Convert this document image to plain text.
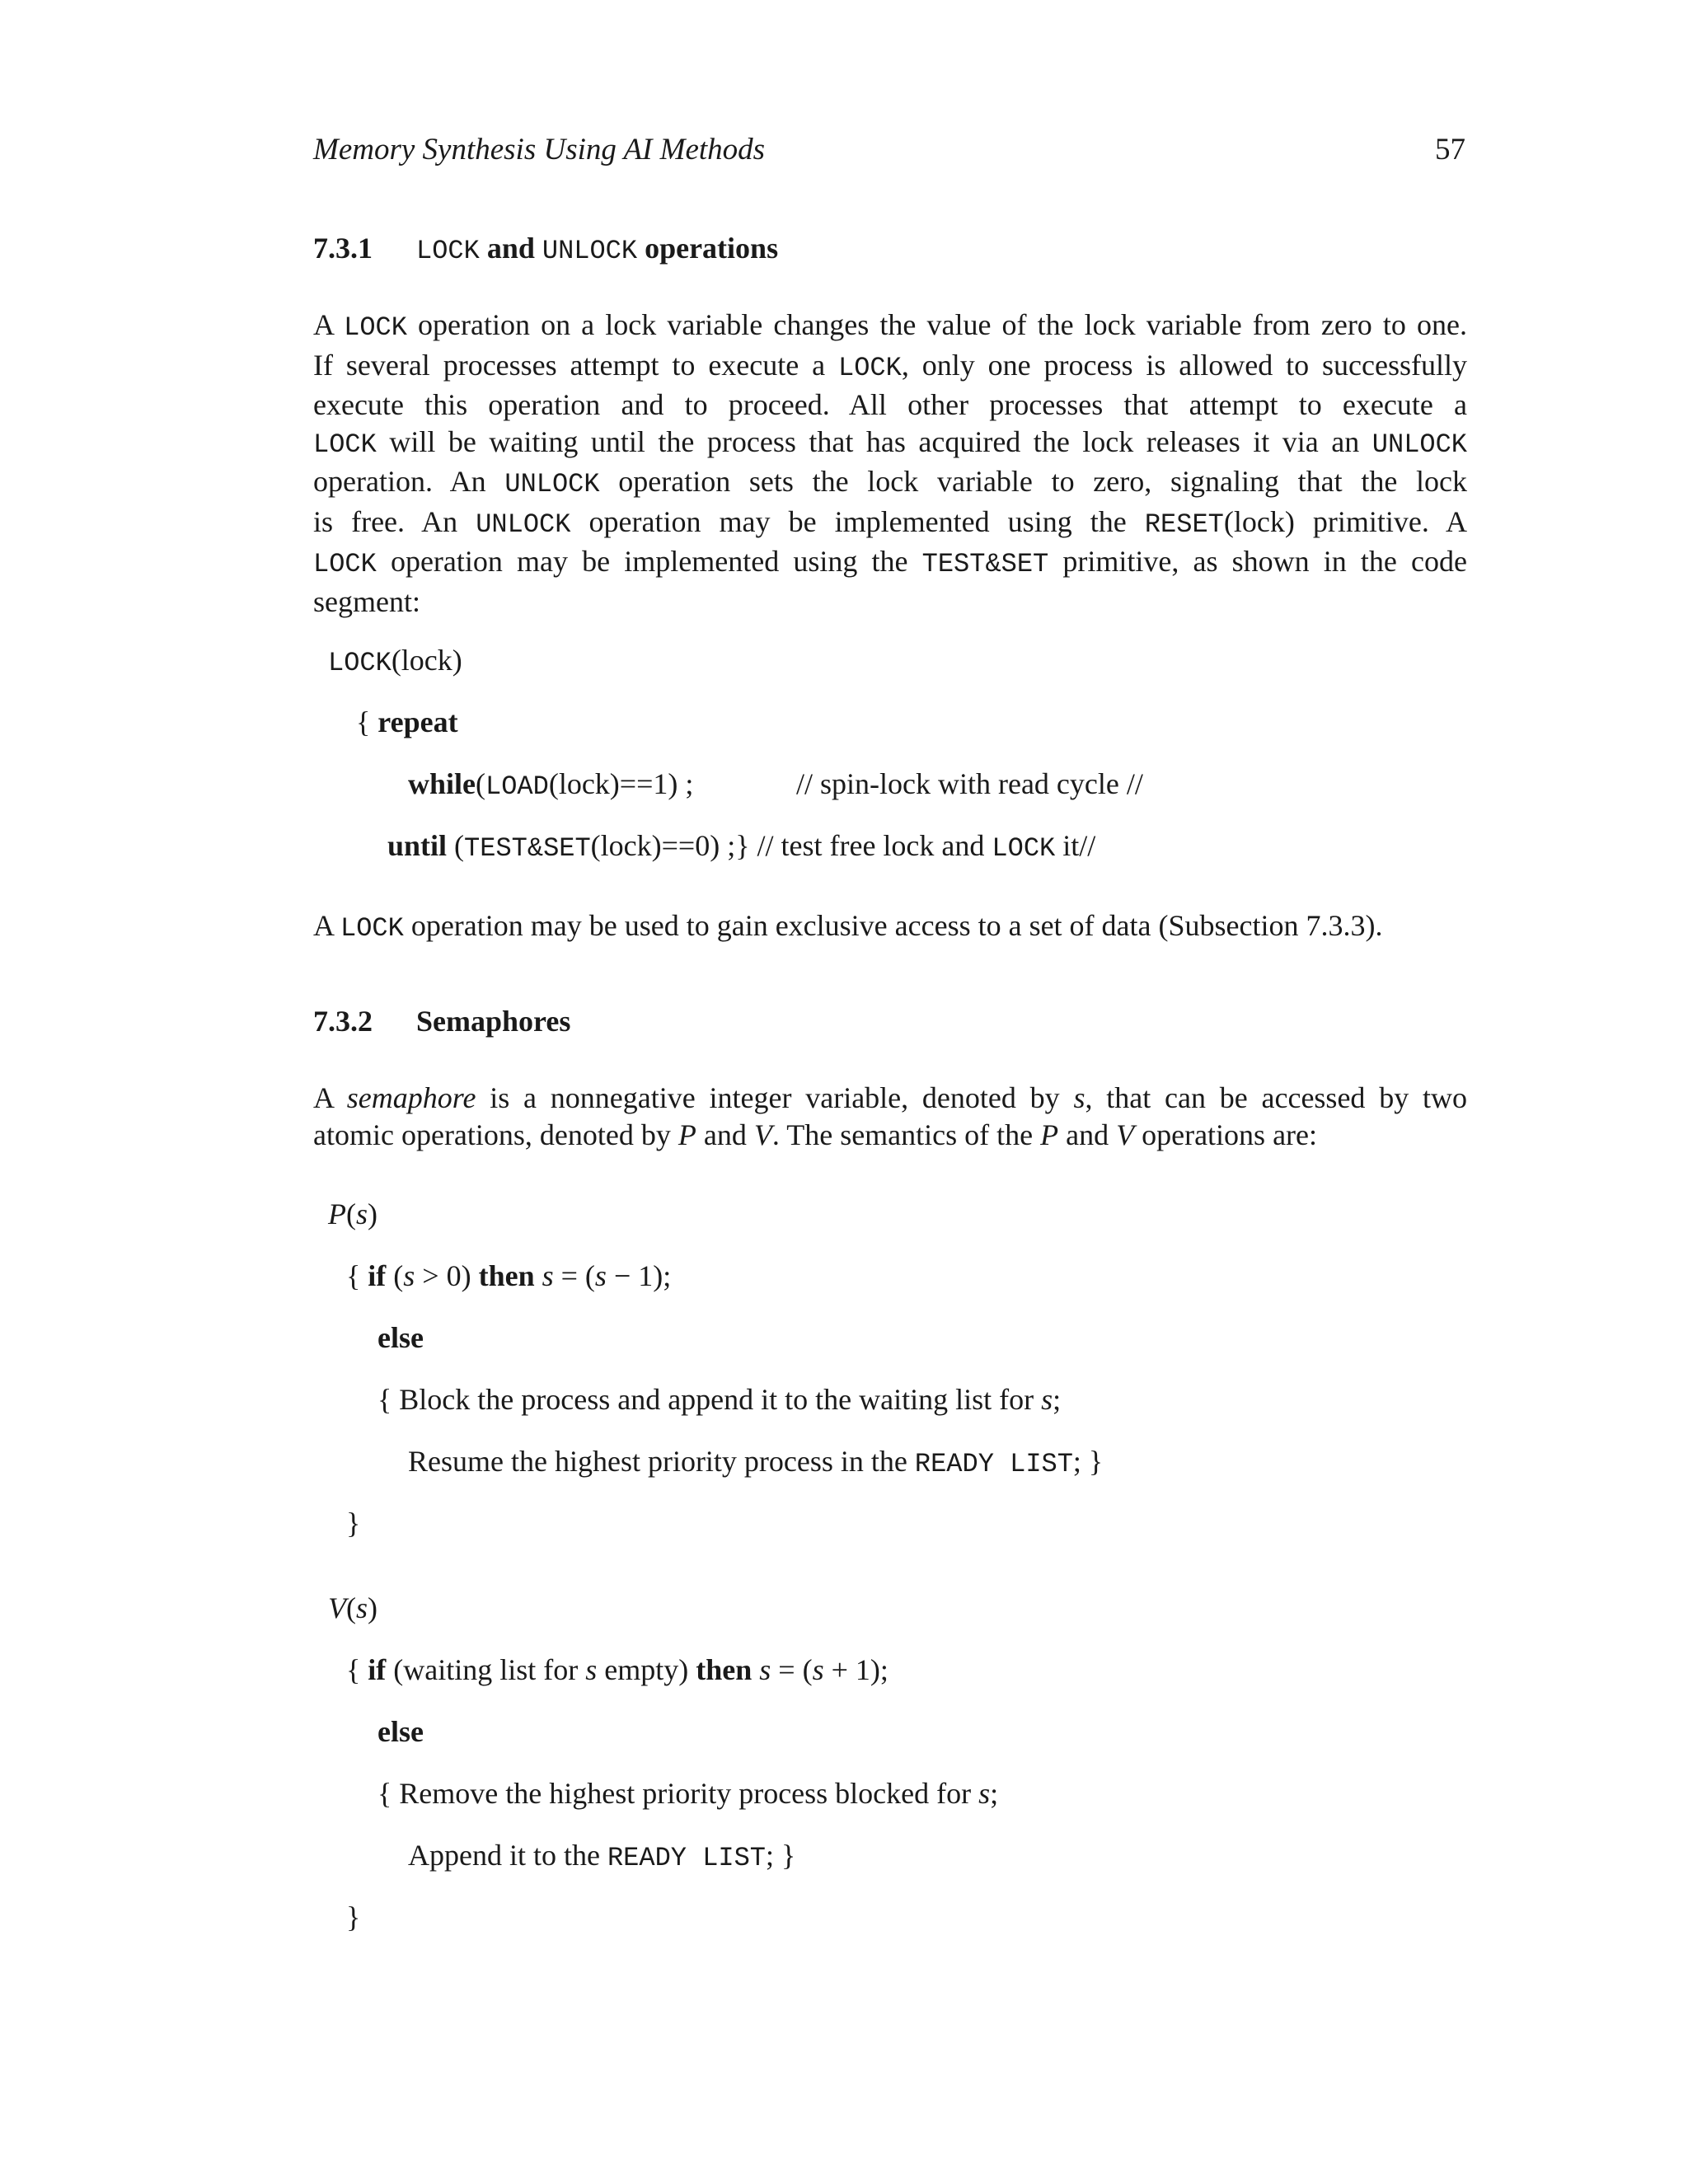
Memory Synthesis Using AI Methods	57
7.3.1 LOCK and UNLOCK operations
A LOCK operation on a lock variable changes the value of the lock variable from zero to one.
If several processes attempt to execute a LOCK, only one process is allowed to successfully
execute this operation and to proceed. All other processes that attempt to execute a
LOCK will be waiting until the process that has acquired the lock releases it via an UNLOCK
operation. An UNLOCK operation sets the lock variable to zero, signaling that the lock
is free. An UNLOCK operation may be implemented using the RESET(lock) primitive. A
LOCK operation may be implemented using the TEST&SET primitive, as shown in the code
segment:
LOCK(lock)
{ repeat
while(LOAD(lock)==1) ;	// spin-lock with read cycle //
until (TEST&SET(lock)==0) ;} // test free lock and LOCK it//
A LOCK operation may be used to gain exclusive access to a set of data (Subsection 7.3.3).
7.3.2 Semaphores
A semaphore is a nonnegative integer variable, denoted by s, that can be accessed by two
atomic operations, denoted by P and V. The semantics of the P and V operations are:
P(s)
{ if (s > 0) then s = (s − 1);
else
{ Block the process and append it to the waiting list for s;
Resume the highest priority process in the READY LIST; }
}
V(s)
{ if (waiting list for s empty) then s = (s + 1);
else
{ Remove the highest priority process blocked for s;
Append it to the READY LIST; }
}
